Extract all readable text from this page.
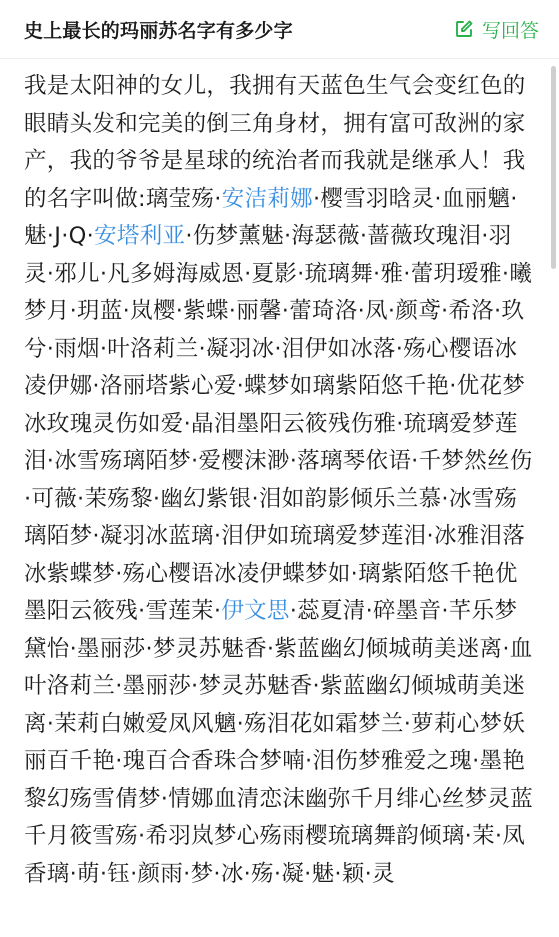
史上最长的玛丽苏名字有多少字	写回答
我是太阳神的女儿，我拥有天蓝色生气会变红色的眼睛头发和完美的倒三角身材，拥有富可敌洲的家产，我的爷爷是星球的统治者而我就是继承人！我的名字叫做:璃莹殇·安洁莉娜·樱雪羽晗灵·血丽魑·魅·J·Q·安塔利亚·伤梦薰魅·海瑟薇·蔷薇玫瑰泪·羽灵·邪儿·凡多姆海威恩·夏影·琉璃舞·雅·蕾玥瑷雅·曦梦月·玥蓝·岚樱·紫蝶·丽馨·蕾琦洛·凤·颜鸢·希洛·玖兮·雨烟·叶洛莉兰·凝羽冰·泪伊如冰落·殇心樱语冰凌伊娜·洛丽塔紫心爱·蝶梦如璃紫陌悠千艳·优花梦冰玫瑰灵伤如爱·晶泪墨阳云筱残伤雅·琉璃爱梦莲泪·冰雪殇璃陌梦·爱樱沫渺·落璃琴依语·千梦然丝伤·可薇·茉殇黎·幽幻紫银·泪如韵影倾乐兰慕·冰雪殇璃陌梦·凝羽冰蓝璃·泪伊如琉璃爱梦莲泪·冰雅泪落冰紫蝶梦·殇心樱语冰凌伊蝶梦如·璃紫陌悠千艳优墨阳云筱残·雪莲茉·伊文思·蕊夏清·碎墨音·芊乐梦黛怡·墨丽莎·梦灵苏魅香·紫蓝幽幻倾城萌美迷离·血叶洛莉兰·墨丽莎·梦灵苏魅香·紫蓝幽幻倾城萌美迷离·茉莉白嫩爱凤风魑·殇泪花如霜梦兰·萝莉心梦妖丽百千艳·瑰百合香珠合梦喃·泪伤梦雅爱之瑰·墨艳黎幻殇雪倩梦·情娜血清恋沫幽弥千月绯心丝梦灵蓝千月筱雪殇·希羽岚梦心殇雨樱琉璃舞韵倾璃·茉·凤香璃·萌·钰·颜雨·梦·冰·殇·凝·魅·颖·灵
